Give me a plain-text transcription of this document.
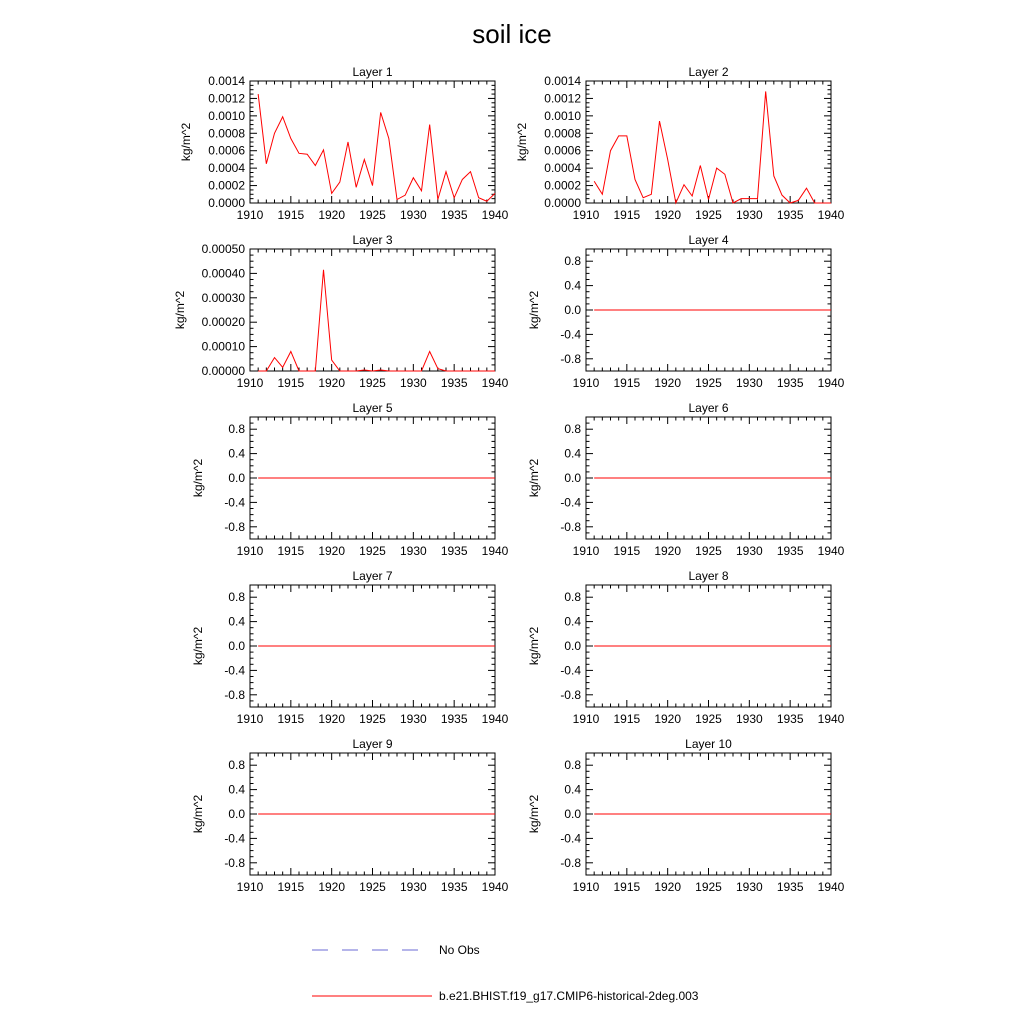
soil ice
Layer 1
kg/m^2
1910 1915 1920 1925 1930 1935 1940
0.0000
0.0002
0.0004
0.0006
0.0008
0.0010
0.0012
0.0014
Layer 2
kg/m^2
1910 1915 1920 1925 1930 1935 1940
0.0000
0.0002
0.0004
0.0006
0.0008
0.0010
0.0012
0.0014
Layer 3
kg/m^2
1910 1915 1920 1925 1930 1935 1940
0.00000
0.00010
0.00020
0.00030
0.00040
0.00050
Layer 4
kg/m^2
1910 1915 1920 1925 1930 1935 1940
-0.8
-0.4
0.0
0.4
0.8
Layer 5
kg/m^2
1910 1915 1920 1925 1930 1935 1940
-0.8
-0.4
0.0
0.4
0.8
Layer 6
kg/m^2
1910 1915 1920 1925 1930 1935 1940
-0.8
-0.4
0.0
0.4
0.8
Layer 7
kg/m^2
1910 1915 1920 1925 1930 1935 1940
-0.8
-0.4
0.0
0.4
0.8
Layer 8
kg/m^2
1910 1915 1920 1925 1930 1935 1940
-0.8
-0.4
0.0
0.4
0.8
Layer 9
kg/m^2
1910 1915 1920 1925 1930 1935 1940
-0.8
-0.4
0.0
0.4
0.8
Layer 10
kg/m^2
1910 1915 1920 1925 1930 1935 1940
-0.8
-0.4
0.0
0.4
0.8
No Obs
b.e21.BHIST.f19_g17.CMIP6-historical-2deg.003
